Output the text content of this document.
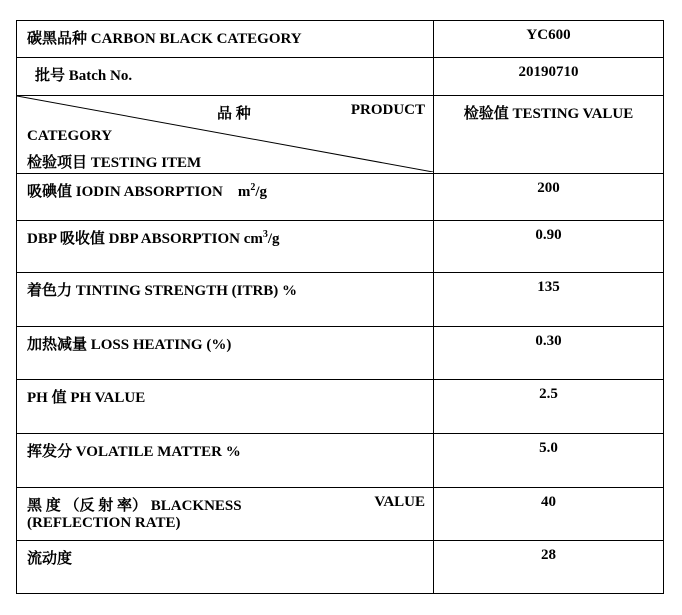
碳黑品种 CARBON BLACK CATEGORY	YC600
批号 Batch No.	20190710

品 种 PRODUCT
CATEGORY
检验项目 TESTING ITEM	检验值 TESTING VALUE
吸碘值 IODIN ABSORPTION $m^2/g$	200
DBP 吸收值 DBP ABSORPTION $cm^3/g$	0.90
着色力 TINTING STRENGTH (ITRB) %	135
加热减量 LOSS HEATING (%)	0.30
PH 值 PH VALUE	2.5
挥发分 VOLATILE MATTER %	5.0

黑 度 （反 射 率） BLACKNESS VALUE
(REFLECTION RATE)	40
流动度	28
